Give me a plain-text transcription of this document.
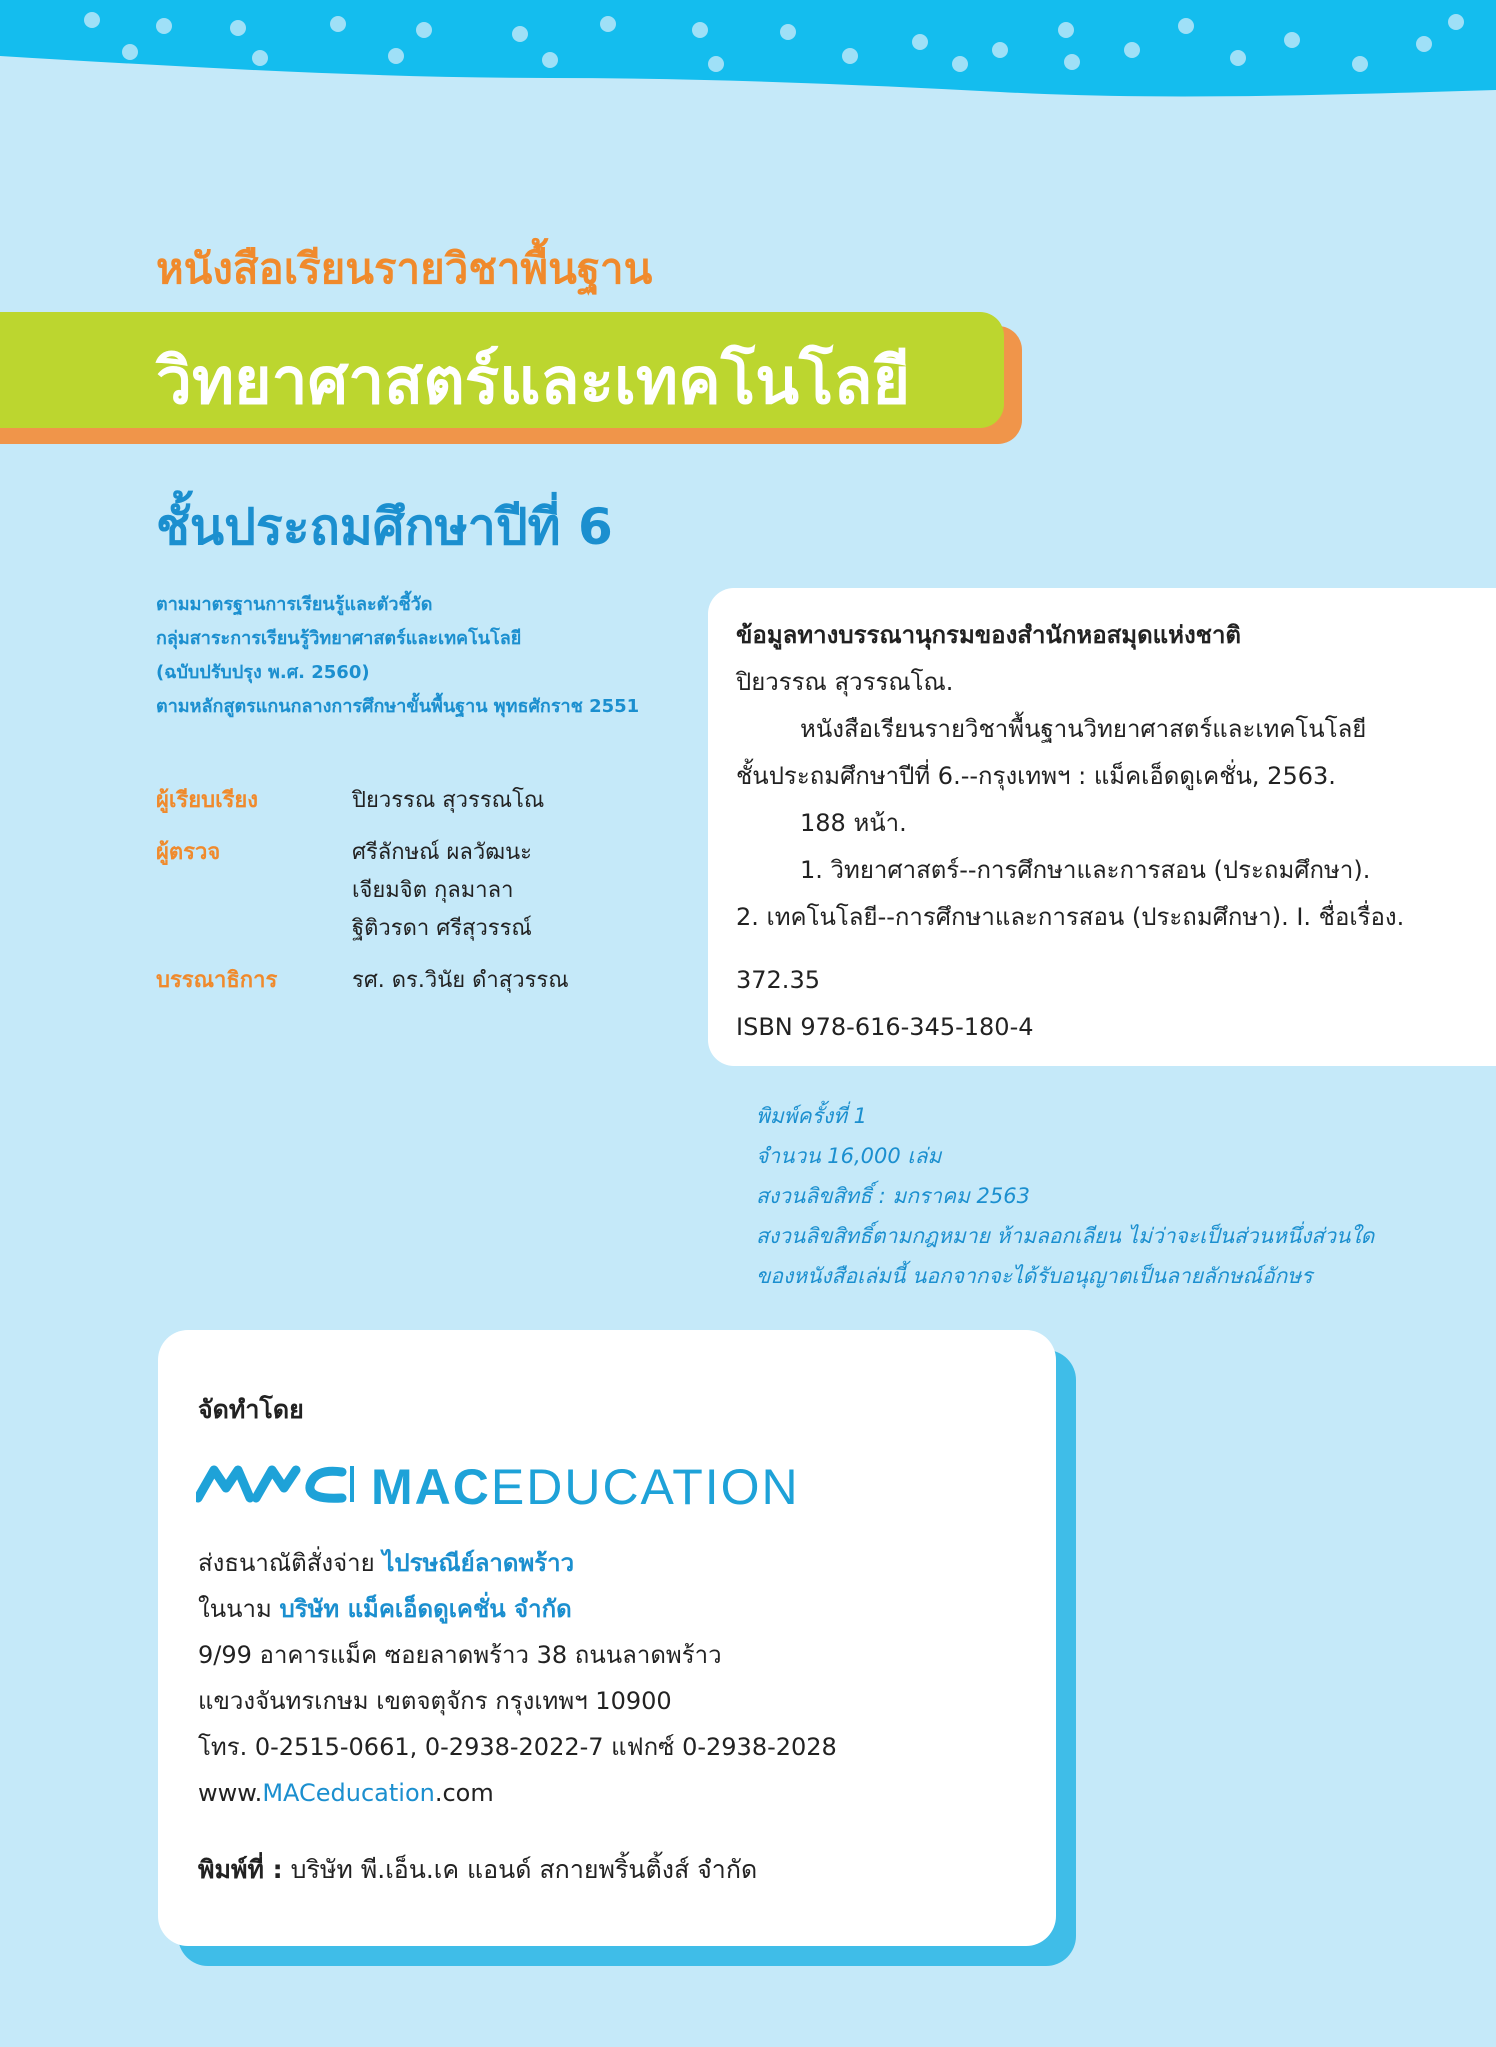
หนังสือเรียนรายวิชาพื้นฐาน
วิทยาศาสตร์และเทคโนโลยี
ชั้นประถมศึกษาปีที่ 6
ตามมาตรฐานการเรียนรู้และตัวชี้วัด
กลุ่มสาระการเรียนรู้วิทยาศาสตร์และเทคโนโลยี
(ฉบับปรับปรุง พ.ศ. 2560)
ตามหลักสูตรแกนกลางการศึกษาขั้นพื้นฐาน พุทธศักราช 2551
ผู้เรียบเรียง	ปิยวรรณ สุวรรณโณ
ผู้ตรวจ	ศรีลักษณ์ ผลวัฒนะ
เจียมจิต กุลมาลา
ฐิติวรดา ศรีสุวรรณ์
บรรณาธิการ	รศ. ดร.วินัย ดำสุวรรณ
ข้อมูลทางบรรณานุกรมของสำนักหอสมุดแห่งชาติ
ปิยวรรณ สุวรรณโณ.
หนังสือเรียนรายวิชาพื้นฐานวิทยาศาสตร์และเทคโนโลยี
ชั้นประถมศึกษาปีที่ 6.--กรุงเทพฯ : แม็คเอ็ดดูเคชั่น, 2563.
188 หน้า.
1. วิทยาศาสตร์--การศึกษาและการสอน (ประถมศึกษา).
2. เทคโนโลยี--การศึกษาและการสอน (ประถมศึกษา). I. ชื่อเรื่อง.
372.35
ISBN 978-616-345-180-4
พิมพ์ครั้งที่ 1
จำนวน 16,000 เล่ม
สงวนลิขสิทธิ์ : มกราคม 2563
สงวนลิขสิทธิ์ตามกฎหมาย ห้ามลอกเลียน ไม่ว่าจะเป็นส่วนหนึ่งส่วนใด
ของหนังสือเล่มนี้ นอกจากจะได้รับอนุญาตเป็นลายลักษณ์อักษร
จัดทำโดย
MACEDUCATION
ส่งธนาณัติสั่งจ่าย ไปรษณีย์ลาดพร้าว
ในนาม บริษัท แม็คเอ็ดดูเคชั่น จำกัด
9/99 อาคารแม็ค ซอยลาดพร้าว 38 ถนนลาดพร้าว
แขวงจันทรเกษม เขตจตุจักร กรุงเทพฯ 10900
โทร. 0-2515-0661, 0-2938-2022-7 แฟกซ์ 0-2938-2028
www.MACeducation.com
พิมพ์ที่ : บริษัท พี.เอ็น.เค แอนด์ สกายพริ้นติ้งส์ จำกัด
